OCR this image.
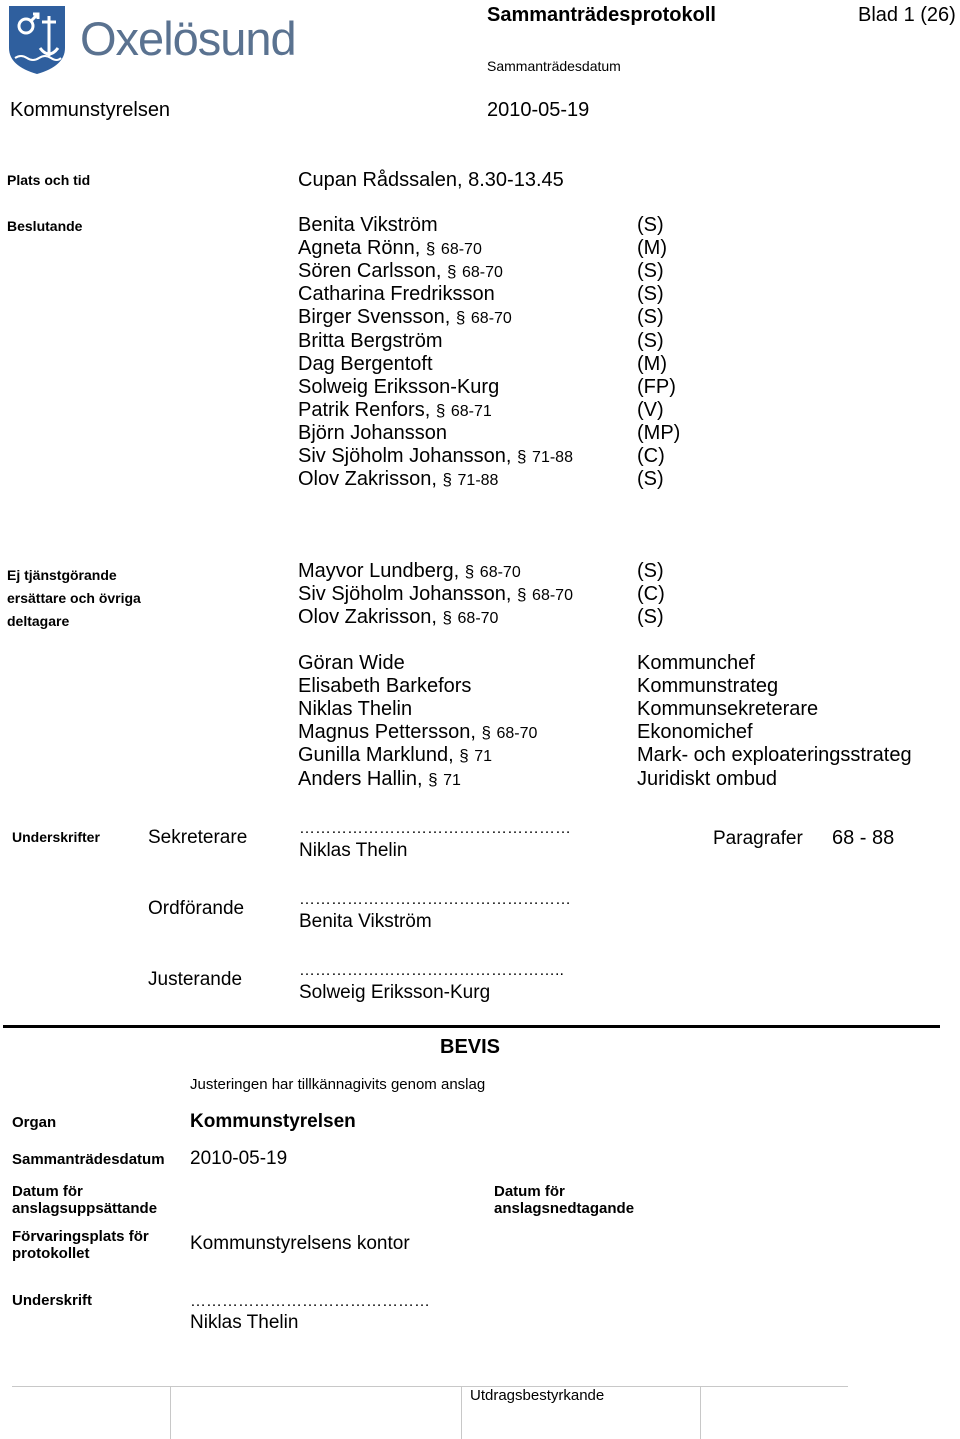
Oxelösund	Sammanträdesprotokoll	Blad 1 (26)
Sammanträdesdatum
Kommunstyrelsen	2010-05-19
Plats och tid	Cupan Rådssalen, 8.30-13.45
Beslutande	Benita Vikström	(S)
Agneta Rönn, § 68-70	(M)
Sören Carlsson, § 68-70	(S)
Catharina Fredriksson	(S)
Birger Svensson, § 68-70	(S)
Britta Bergström	(S)
Dag Bergentoft	(M)
Solweig Eriksson-Kurg	(FP)
Patrik Renfors, § 68-71	(V)
Björn Johansson	(MP)
Siv Sjöholm Johansson, § 71-88	(C)
Olov Zakrisson, § 71-88	(S)
Ej tjänstgörande
ersättare och övriga
deltagare
Mayvor Lundberg, § 68-70	(S)
Siv Sjöholm Johansson, § 68-70	(C)
Olov Zakrisson, § 68-70	(S)
Göran Wide	Kommunchef
Elisabeth Barkefors	Kommunstrateg
Niklas Thelin	Kommunsekreterare
Magnus Pettersson, § 68-70	Ekonomichef
Gunilla Marklund, § 71	Mark- och exploateringsstrateg
Anders Hallin, § 71	Juridiskt ombud
Underskrifter	Sekreterare	……………………………………………
Niklas Thelin
Ordförande	……………………………………………
Benita Vikström
Justerande	…………………………………………..
Solweig Eriksson-Kurg
Paragrafer 68 - 88
BEVIS
Justeringen har tillkännagivits genom anslag
Organ	Kommunstyrelsen
Sammanträdesdatum 2010-05-19
Datum för
anslagsuppsättande
Datum för
anslagsnedtagande
Förvaringsplats för
protokollet	Kommunstyrelsens kontor
Underskrift	………………………………………
Niklas Thelin
Utdragsbestyrkande
